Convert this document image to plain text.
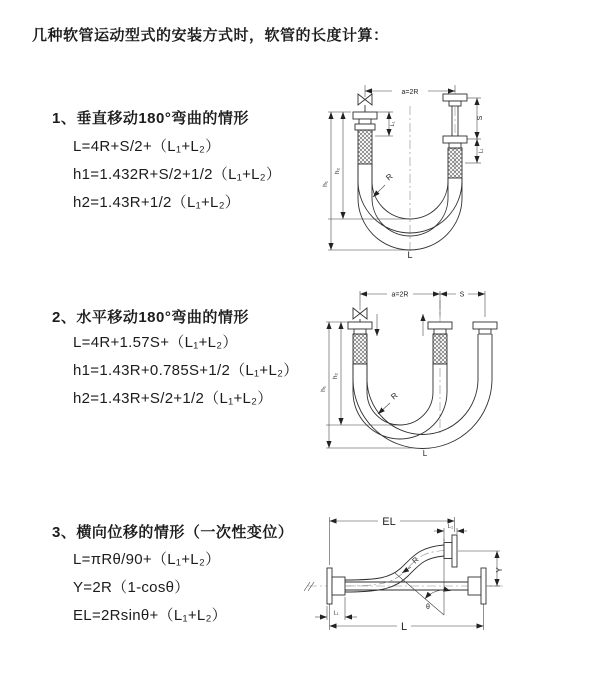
几种软管运动型式的安装方式时，软管的长度计算：
1、垂直移动180°弯曲的情形
L=4R+S/2+（L₁+L₂）
h1=1.432R+S/2+1/2（L₁+L₂）
h2=1.43R+1/2（L₁+L₂）
2、水平移动180°弯曲的情形
L=4R+1.57S+（L₁+L₂）
h1=1.43R+0.785S+1/2（L₁+L₂）
h2=1.43R+S/2+1/2（L₁+L₂）
3、横向位移的情形（一次性变位）
L=πRθ/90+（L₁+L₂）
Y=2R（1-cosθ）
EL=2Rsinθ+（L₁+L₂）
a=2R
S
L₁
L₁
h₂
h₁
R
L
a=2R	S
h₂
h₁
R
L
θ
EL	L₁
Y
R
L
L₁
